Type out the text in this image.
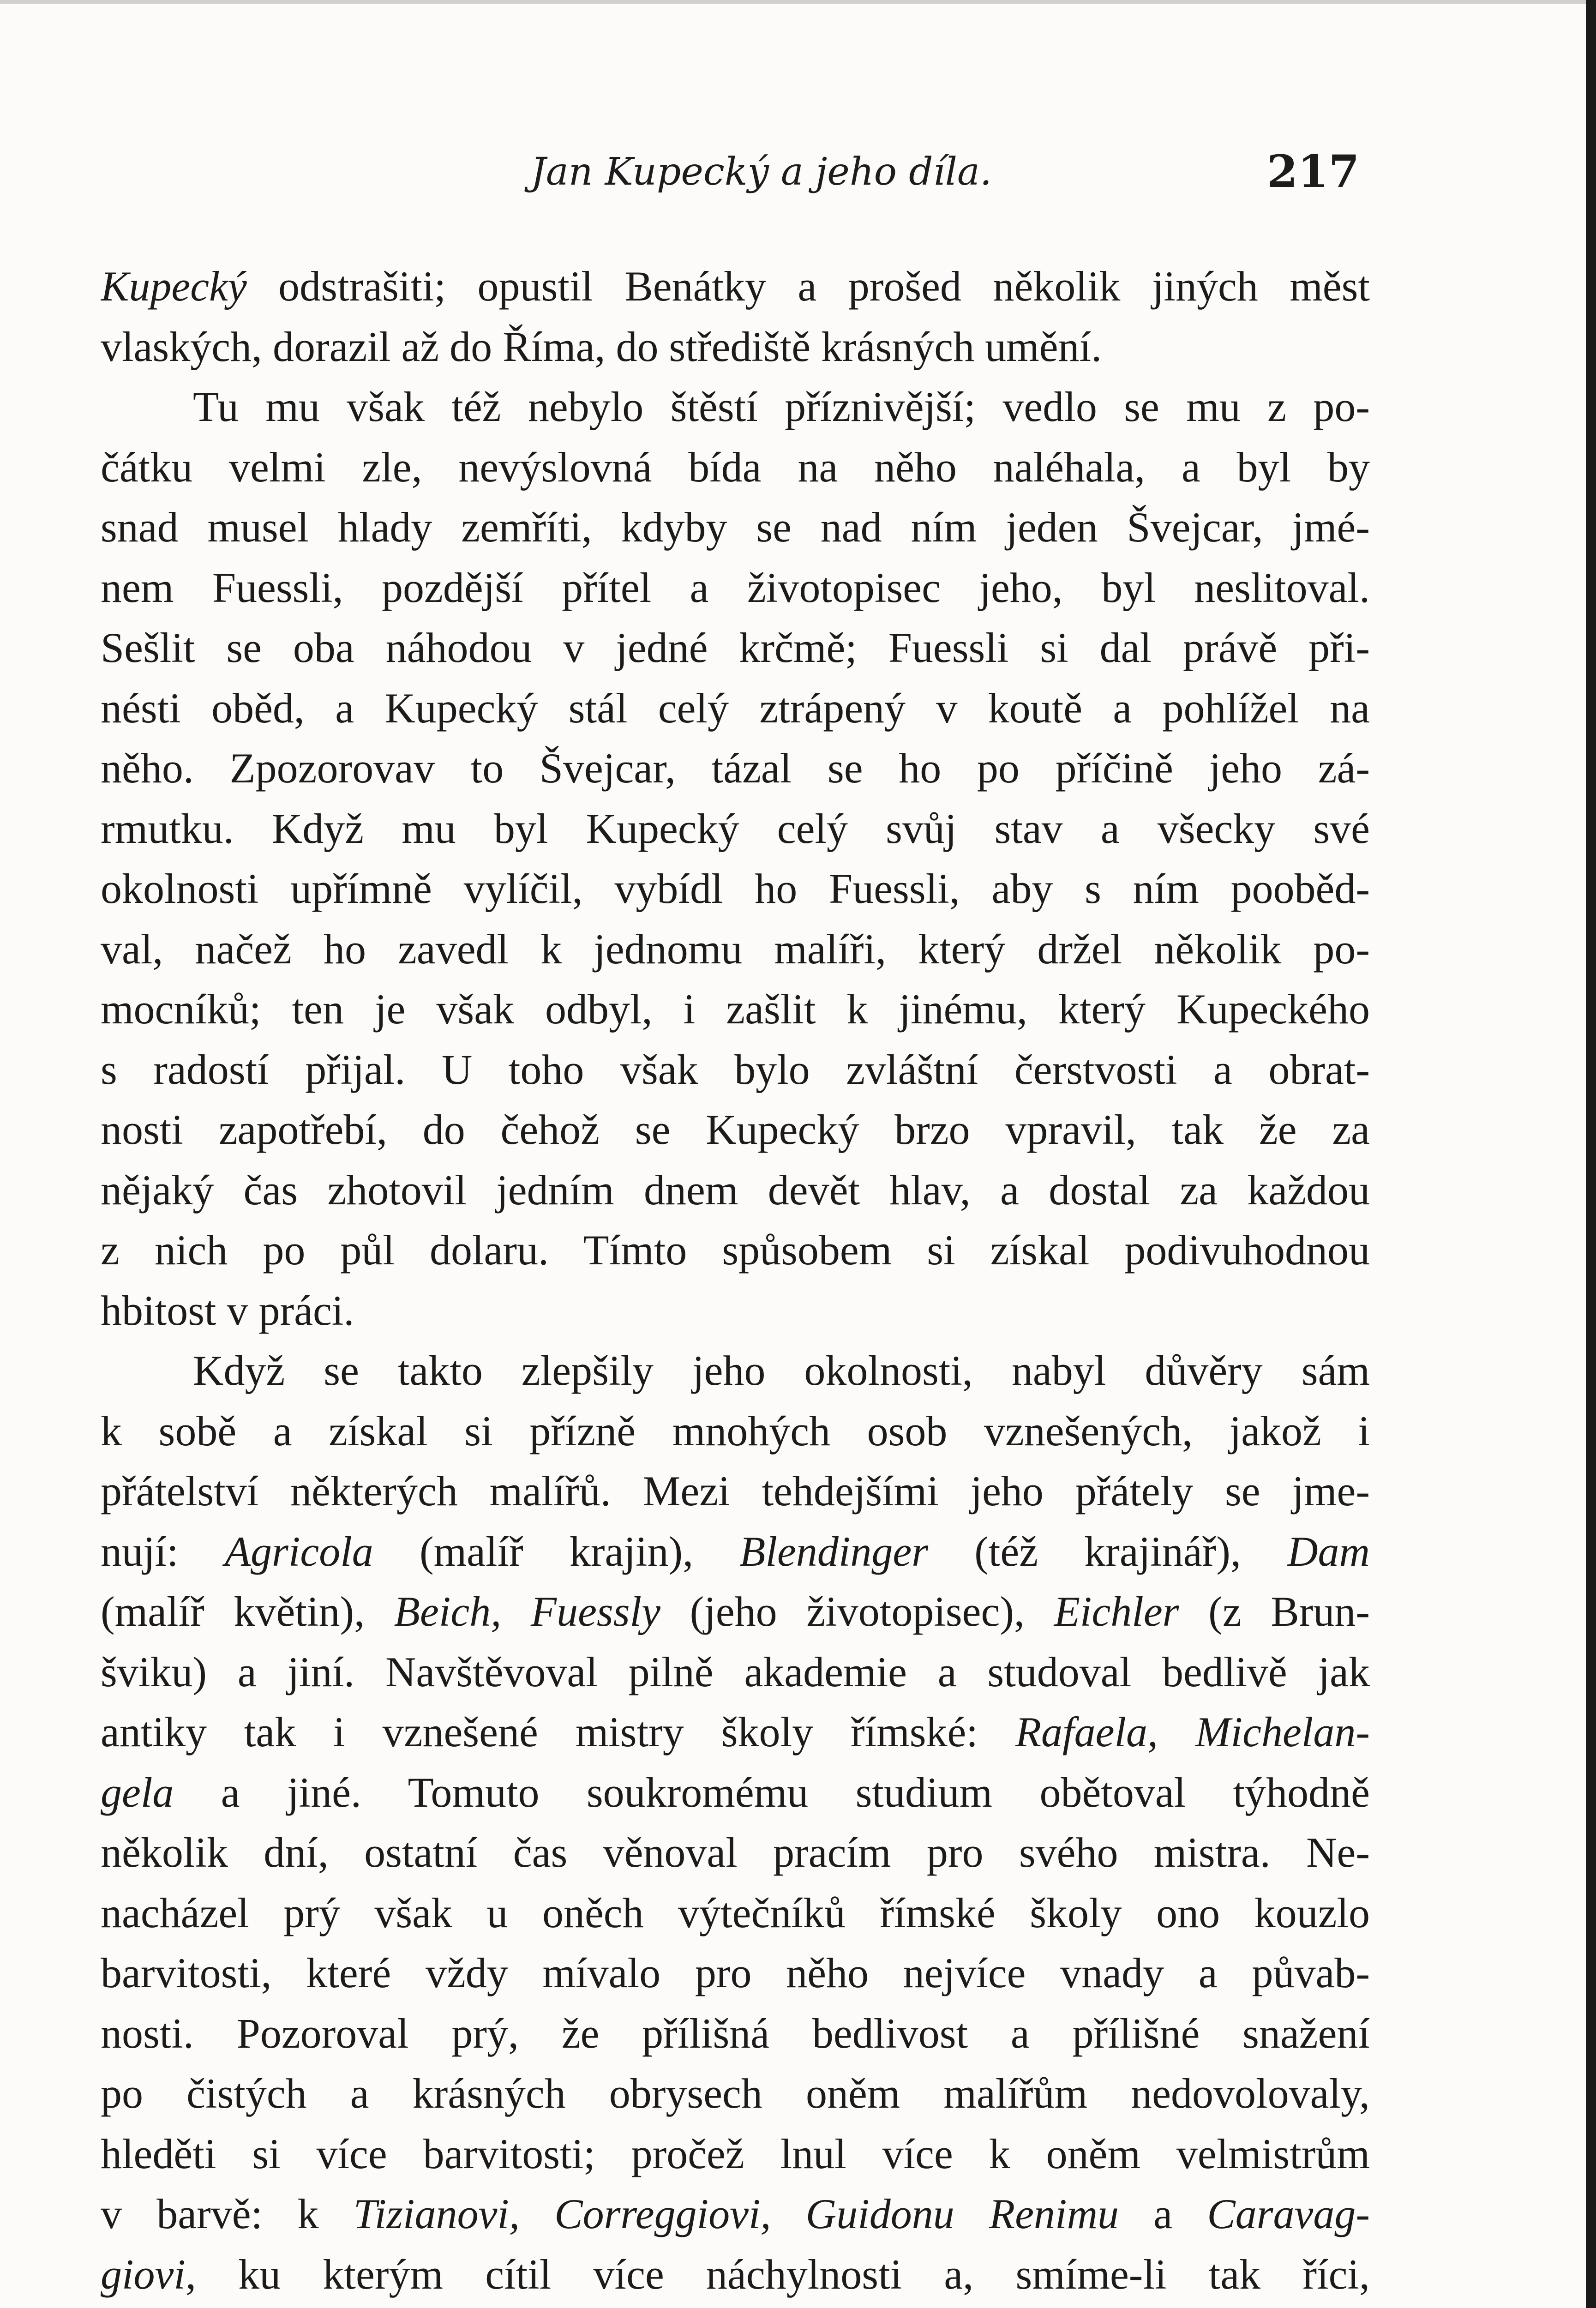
Jan Kupecký a jeho díla.	217
Kupecký odstrašiti; opustil Benátky a prošed několik jiných měst
vlaských, dorazil až do Říma, do střediště krásných umění.
Tu mu však též nebylo štěstí příznivější; vedlo se mu z po-
čátku velmi zle, nevýslovná bída na něho naléhala, a byl by
snad musel hlady zemříti, kdyby se nad ním jeden Švejcar, jmé-
nem Fuessli, pozdější přítel a životopisec jeho, byl neslitoval.
Sešlit se oba náhodou v jedné krčmě; Fuessli si dal právě při-
nésti oběd, a Kupecký stál celý ztrápený v koutě a pohlížel na
něho. Zpozorovav to Švejcar, tázal se ho po příčině jeho zá-
rmutku. Když mu byl Kupecký celý svůj stav a všecky své
okolnosti upřímně vylíčil, vybídl ho Fuessli, aby s ním pooběd-
val, načež ho zavedl k jednomu malíři, který držel několik po-
mocníků; ten je však odbyl, i zašlit k jinému, který Kupeckého
s radostí přijal. U toho však bylo zvláštní čerstvosti a obrat-
nosti zapotřebí, do čehož se Kupecký brzo vpravil, tak že za
nějaký čas zhotovil jedním dnem devět hlav, a dostal za každou
z nich po půl dolaru. Tímto spůsobem si získal podivuhodnou
hbitost v práci.
Když se takto zlepšily jeho okolnosti, nabyl důvěry sám
k sobě a získal si přízně mnohých osob vznešených, jakož i
přátelství některých malířů. Mezi tehdejšími jeho přátely se jme-
nují: Agricola (malíř krajin), Blendinger (též krajinář), Dam
(malíř květin), Beich, Fuessly (jeho životopisec), Eichler (z Brun-
šviku) a jiní. Navštěvoval pilně akademie a studoval bedlivě jak
antiky tak i vznešené mistry školy římské: Rafaela, Michelan-
gela a jiné. Tomuto soukromému studium obětoval týhodně
několik dní, ostatní čas věnoval pracím pro svého mistra. Ne-
nacházel prý však u oněch výtečníků římské školy ono kouzlo
barvitosti, které vždy mívalo pro něho nejvíce vnady a půvab-
nosti. Pozoroval prý, že přílišná bedlivost a přílišné snažení
po čistých a krásných obrysech oněm malířům nedovolovaly,
hleděti si více barvitosti; pročež lnul více k oněm velmistrům
v barvě: k Tizianovi, Correggiovi, Guidonu Renimu a Caravag-
giovi, ku kterým cítil více náchylnosti a, smíme-li tak říci,
